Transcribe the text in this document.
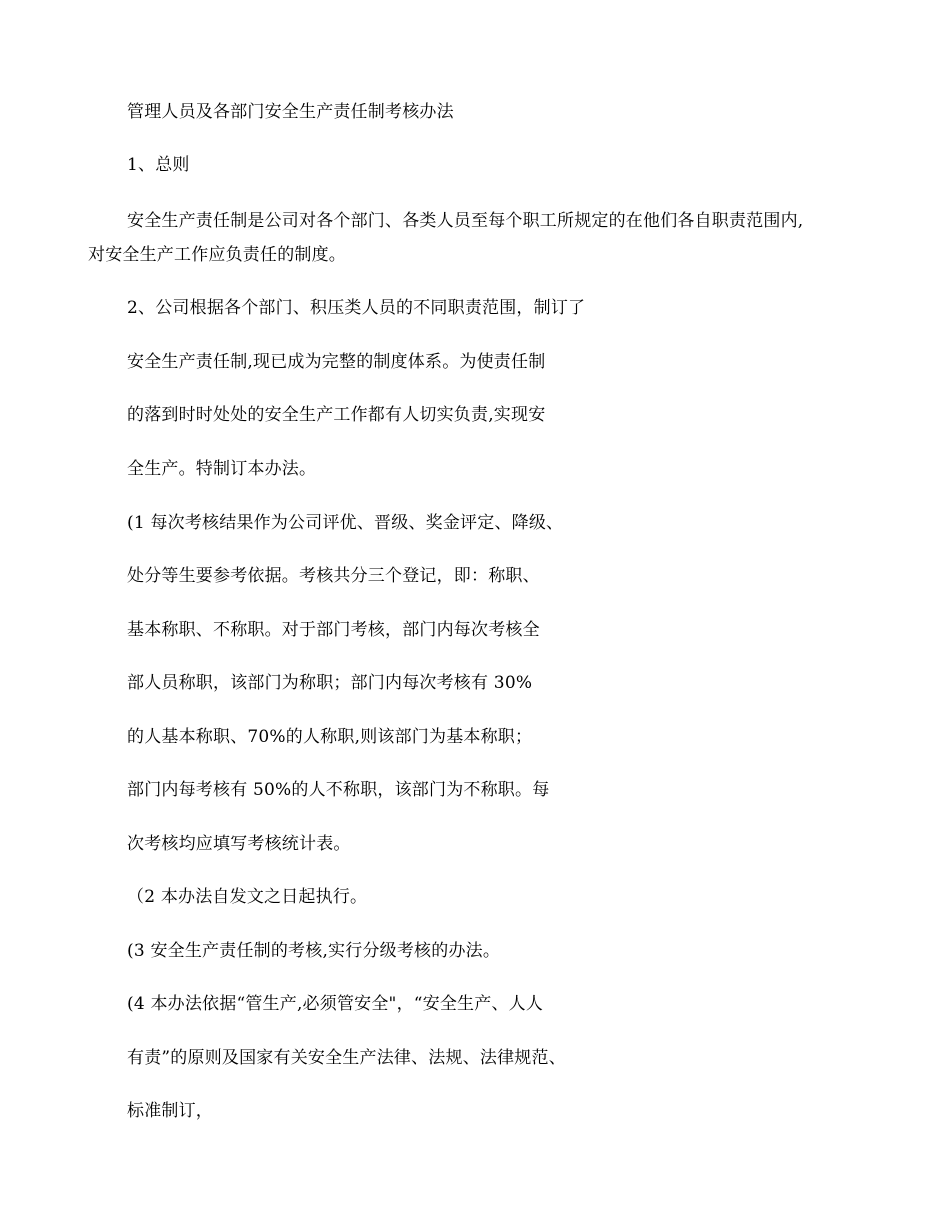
管理人员及各部门安全生产责任制考核办法
1、总则
安全生产责任制是公司对各个部门、各类人员至每个职工所规定的在他们各自职责范围内,
对安全生产工作应负责任的制度。
2、公司根据各个部门、积压类人员的不同职责范围，制订了
安全生产责任制,现已成为完整的制度体系。为使责任制
的落到时时处处的安全生产工作都有人切实负责,实现安
全生产。特制订本办法。
(1 每次考核结果作为公司评优、晋级、奖金评定、降级、
处分等生要参考依据。考核共分三个登记，即：称职、
基本称职、不称职。对于部门考核，部门内每次考核全
部人员称职，该部门为称职；部门内每次考核有 30%
的人基本称职、70%的人称职,则该部门为基本称职；
部门内每考核有 50%的人不称职，该部门为不称职。每
次考核均应填写考核统计表。
（2 本办法自发文之日起执行。
(3 安全生产责任制的考核,实行分级考核的办法。
(4 本办法依据“管生产,必须管安全"，“安全生产、人人
有责”的原则及国家有关安全生产法律、法规、法律规范、
标准制订，
